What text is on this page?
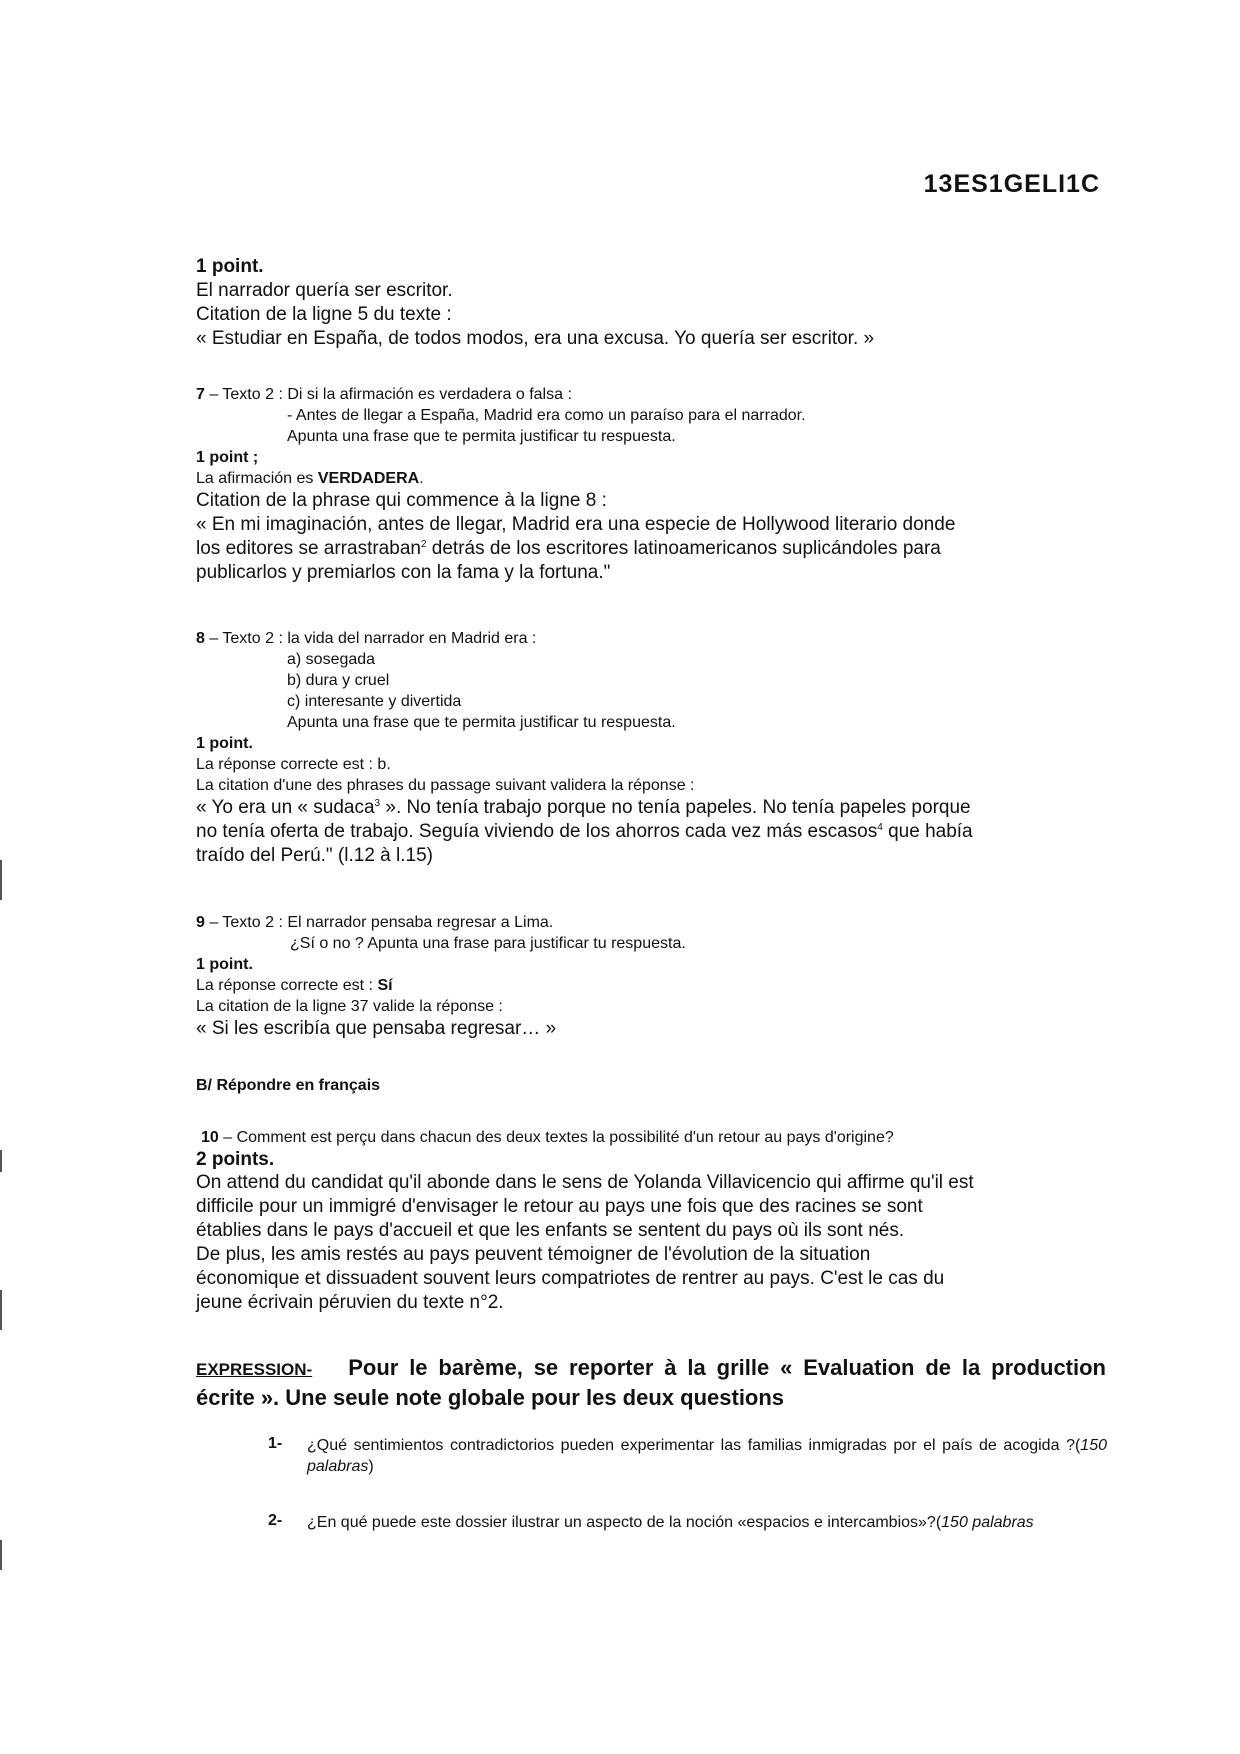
13ES1GELI1C
1 point.
El narrador quería ser escritor.
Citation de la ligne 5 du texte :
« Estudiar en España, de todos modos, era una excusa. Yo quería ser escritor. »
7 – Texto 2 : Di si la afirmación es verdadera o falsa :
- Antes de llegar a España, Madrid era como un paraíso para el narrador.
Apunta una frase que te permita justificar tu respuesta.
1 point ;
La afirmación es VERDADERA.
Citation de la phrase qui commence à la ligne 8 :
« En mi imaginación, antes de llegar, Madrid era una especie de Hollywood literario donde
los editores se arrastraban$^2$ detrás de los escritores latinoamericanos suplicándoles para
publicarlos y premiarlos con la fama y la fortuna."
8 – Texto 2 : la vida del narrador en Madrid era :
a) sosegada
b) dura y cruel
c) interesante y divertida
Apunta una frase que te permita justificar tu respuesta.
1 point.
La réponse correcte est : b.
La citation d'une des phrases du passage suivant validera la réponse :
« Yo era un « sudaca$^3$ ». No tenía trabajo porque no tenía papeles. No tenía papeles porque
no tenía oferta de trabajo. Seguía viviendo de los ahorros cada vez más escasos$^4$ que había
traído del Perú." (l.12 à l.15)
9 – Texto 2 : El narrador pensaba regresar a Lima.
¿Sí o no ? Apunta una frase para justificar tu respuesta.
1 point.
La réponse correcte est : Sí
La citation de la ligne 37 valide la réponse :
« Si les escribía que pensaba regresar… »
B/ Répondre en français
10 – Comment est perçu dans chacun des deux textes la possibilité d'un retour au pays d'origine?
2 points.
On attend du candidat qu'il abonde dans le sens de Yolanda Villavicencio qui affirme qu'il est
difficile pour un immigré d'envisager le retour au pays une fois que des racines se sont
établies dans le pays d'accueil et que les enfants se sentent du pays où ils sont nés.
De plus, les amis restés au pays peuvent témoigner de l'évolution de la situation
économique et dissuadent souvent leurs compatriotes de rentrer au pays. C'est le cas du
jeune écrivain péruvien du texte n°2.
EXPRESSION- Pour le barème, se reporter à la grille « Evaluation de la production écrite ». Une seule note globale pour les deux questions
1- ¿Qué sentimientos contradictorios pueden experimentar las familias inmigradas por el país de acogida ?(150 palabras)
2- ¿En qué puede este dossier ilustrar un aspecto de la noción «espacios e intercambios»?(150 palabras
